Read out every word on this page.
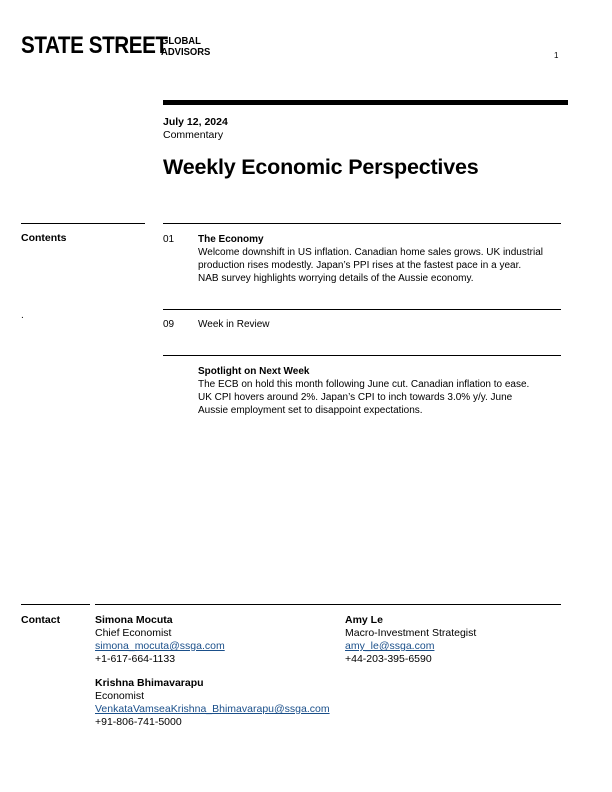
STATE STREET
GLOBAL
ADVISORS	1
July 12, 2024
Commentary
Weekly Economic Perspectives
Contents
.
01 The Economy
Welcome downshift in US inflation. Canadian home sales grows. UK industrial
production rises modestly. Japan’s PPI rises at the fastest pace in a year.
NAB survey highlights worrying details of the Aussie economy.
09 Week in Review
Spotlight on Next Week
The ECB on hold this month following June cut. Canadian inflation to ease.
UK CPI hovers around 2%. Japan’s CPI to inch towards 3.0% y/y. June
Aussie employment set to disappoint expectations.
Contact	Simona Mocuta
Chief Economist
simona_mocuta@ssga.com
+1-617-664-1133
Amy Le
Macro-Investment Strategist
amy_le@ssga.com
+44-203-395-6590
Krishna Bhimavarapu
Economist
VenkataVamseaKrishna_Bhimavarapu@ssga.com
+91-806-741-5000
